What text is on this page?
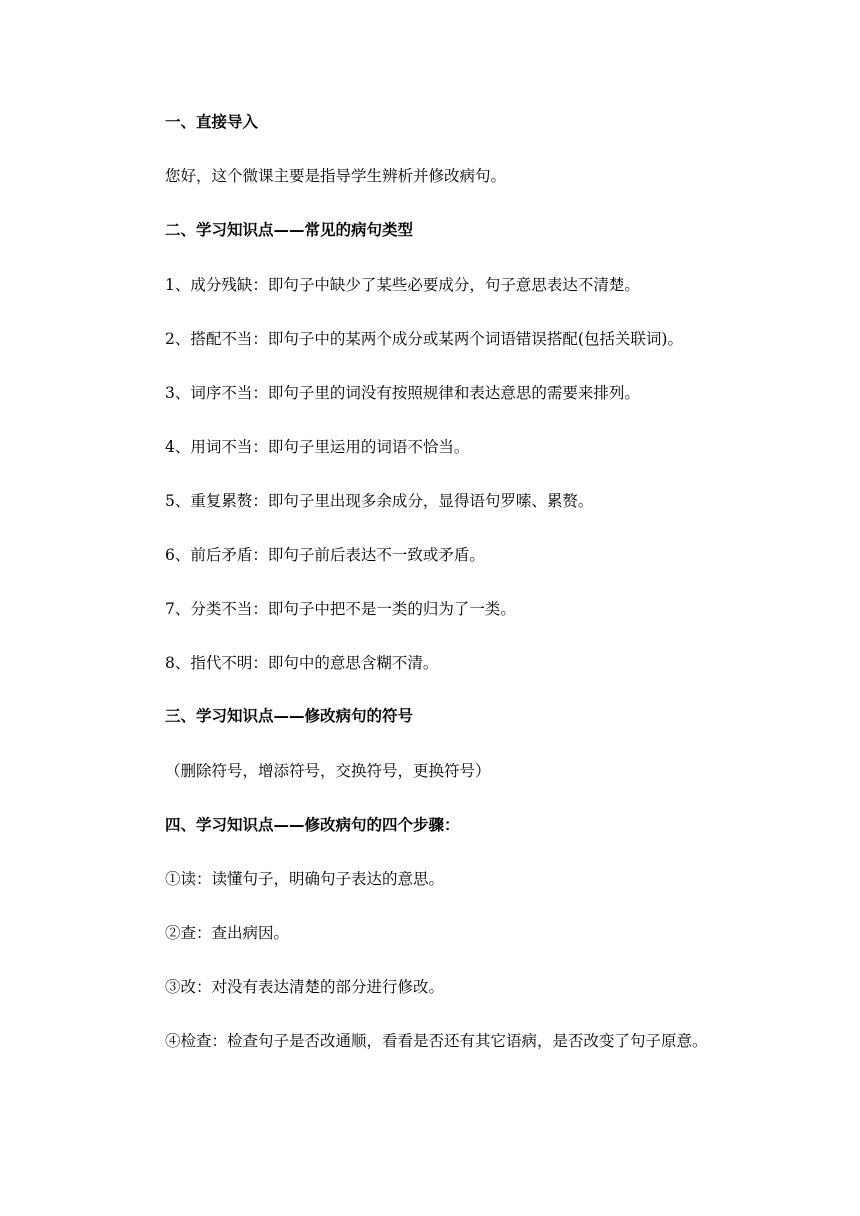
一、直接导入
您好，这个微课主要是指导学生辨析并修改病句。
二、学习知识点——常见的病句类型
1、成分残缺：即句子中缺少了某些必要成分，句子意思表达不清楚。
2、搭配不当：即句子中的某两个成分或某两个词语错误搭配(包括关联词)。
3、词序不当：即句子里的词没有按照规律和表达意思的需要来排列。
4、用词不当：即句子里运用的词语不恰当。
5、重复累赘：即句子里出现多余成分，显得语句罗嗦、累赘。
6、前后矛盾：即句子前后表达不一致或矛盾。
7、分类不当：即句子中把不是一类的归为了一类。
8、指代不明：即句中的意思含糊不清。
三、学习知识点——修改病句的符号
（删除符号，增添符号，交换符号，更换符号）
四、学习知识点——修改病句的四个步骤：
①读：读懂句子，明确句子表达的意思。
②查：查出病因。
③改：对没有表达清楚的部分进行修改。
④检查：检查句子是否改通顺，看看是否还有其它语病，是否改变了句子原意。
